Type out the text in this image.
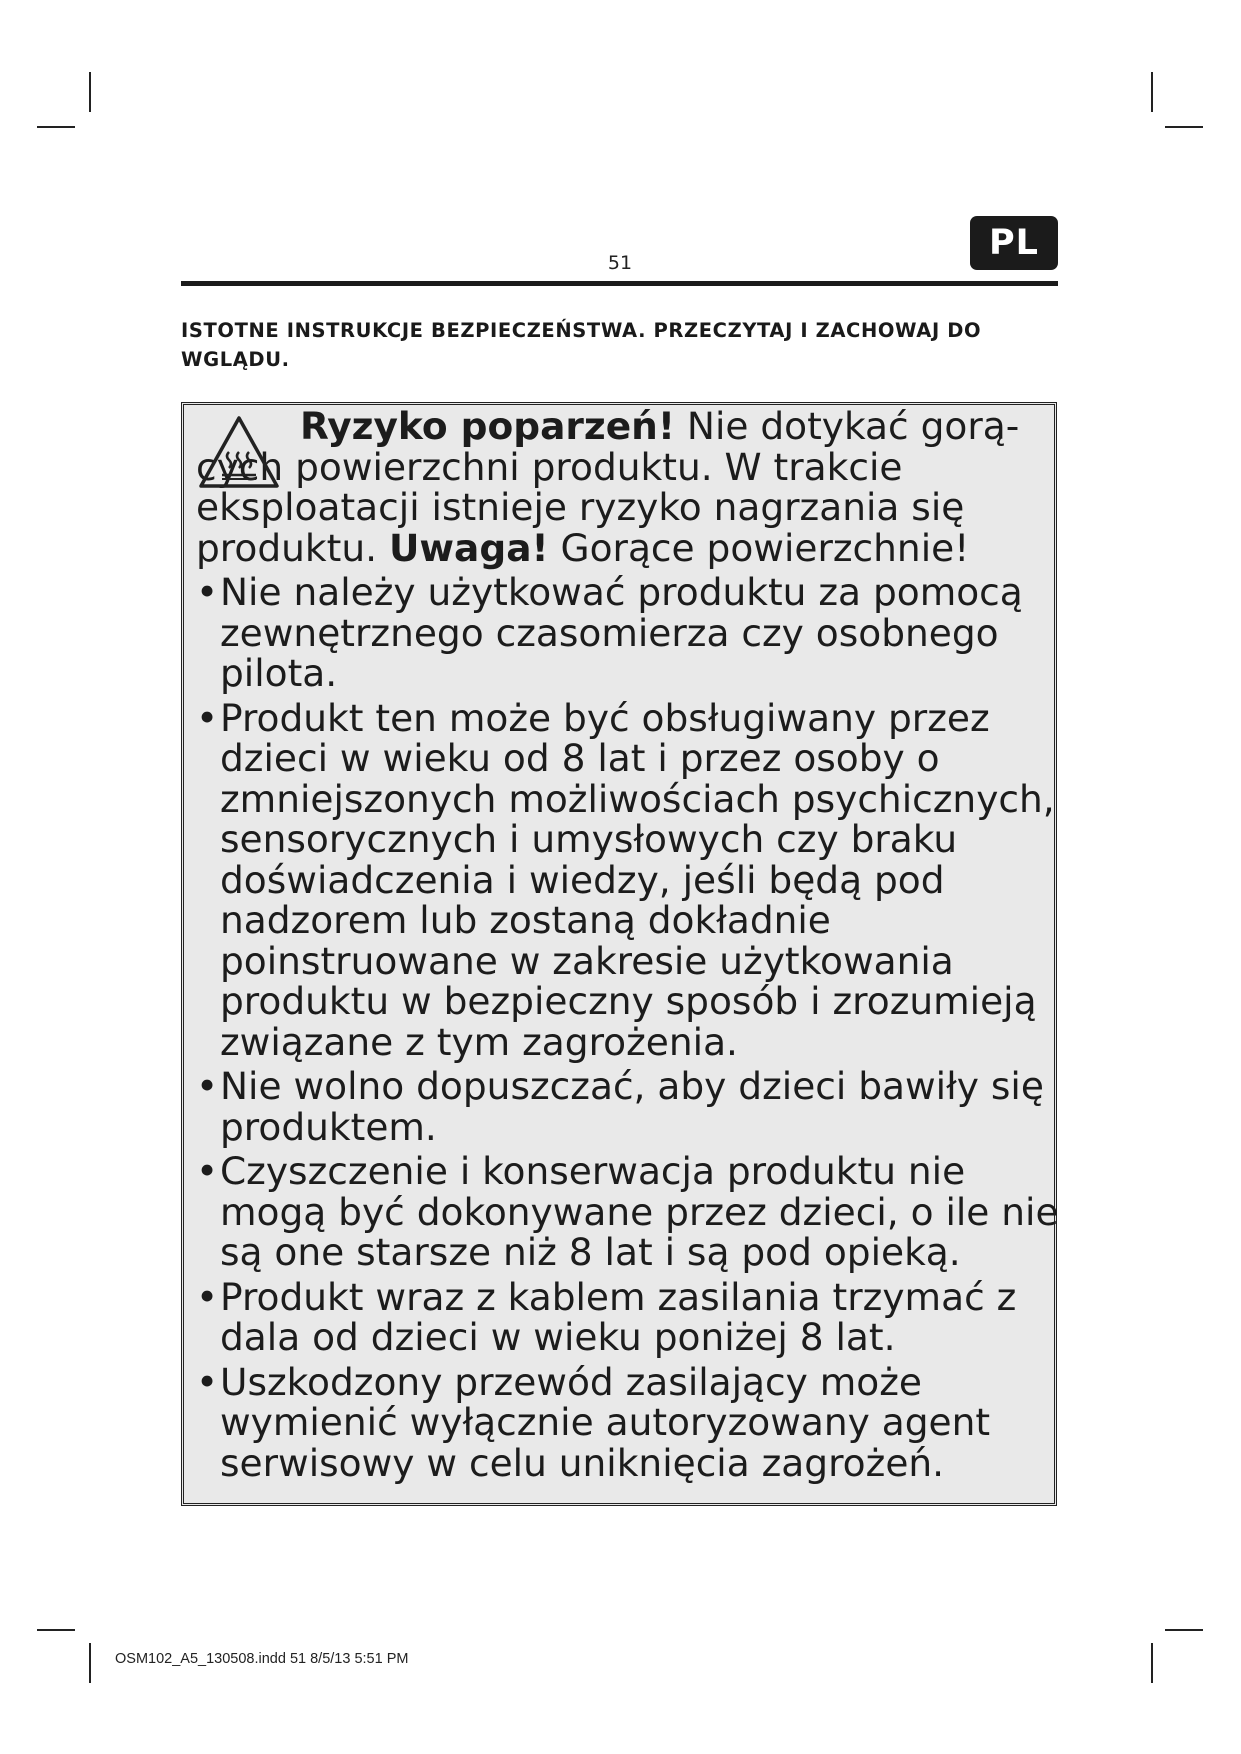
51	PL
ISTOTNE INSTRUKCJE BEZPIECZEŃSTWA. PRZECZYTAJ I ZACHOWAJ DO WGLĄDU.

Ryzyko poparzeń! Nie dotykać gorą-cych powierzchni produktu. W trakcie eksploatacji istnieje ryzyko nagrzania się produktu. Uwaga! Gorące powierzchnie!

• Nie należy użytkować produktu za pomocą zewnętrznego czasomierza czy osobnego pilota.
• Produkt ten może być obsługiwany przez dzieci w wieku od 8 lat i przez osoby o zmniejszonych możliwościach psychicznych, sensorycznych i umysłowych czy braku doświadczenia i wiedzy, jeśli będą pod nadzorem lub zostaną dokładnie poinstruowane w zakresie użytkowania produktu w bezpieczny sposób i zrozumieją związane z tym zagrożenia.
• Nie wolno dopuszczać, aby dzieci bawiły się produktem.
• Czyszczenie i konserwacja produktu nie mogą być dokonywane przez dzieci, o ile nie są one starsze niż 8 lat i są pod opieką.
• Produkt wraz z kablem zasilania trzymać z dala od dzieci w wieku poniżej 8 lat.
• Uszkodzony przewód zasilający może wymienić wyłącznie autoryzowany agent serwisowy w celu uniknięcia zagrożeń.
OSM102_A5_130508.indd 51 8/5/13 5:51 PM
